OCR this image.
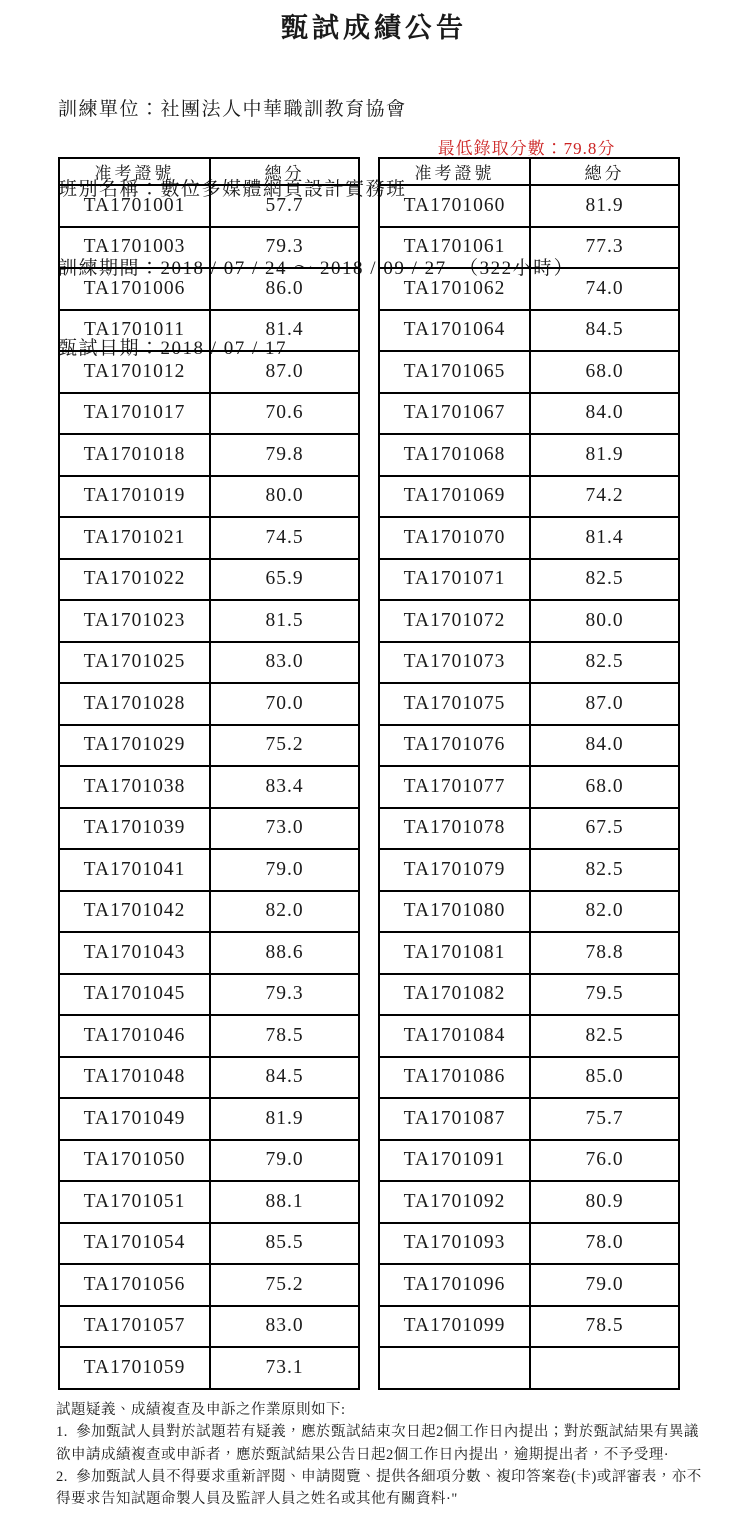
甄試成績公告

訓練單位：社團法人中華職訓教育協會

班別名稱：數位多媒體網頁設計實務班

訓練期間：2018 / 07 / 24 ～ 2018 / 09 / 27  （322小時）

甄試日期：2018 / 07 / 17

最低錄取分數：79.8分
准考證號	總分
TA1701001	57.7
TA1701003	79.3
TA1701006	86.0
TA1701011	81.4
TA1701012	87.0
TA1701017	70.6
TA1701018	79.8
TA1701019	80.0
TA1701021	74.5
TA1701022	65.9
TA1701023	81.5
TA1701025	83.0
TA1701028	70.0
TA1701029	75.2
TA1701038	83.4
TA1701039	73.0
TA1701041	79.0
TA1701042	82.0
TA1701043	88.6
TA1701045	79.3
TA1701046	78.5
TA1701048	84.5
TA1701049	81.9
TA1701050	79.0
TA1701051	88.1
TA1701054	85.5
TA1701056	75.2
TA1701057	83.0
TA1701059	73.1
准考證號	總分
TA1701060	81.9
TA1701061	77.3
TA1701062	74.0
TA1701064	84.5
TA1701065	68.0
TA1701067	84.0
TA1701068	81.9
TA1701069	74.2
TA1701070	81.4
TA1701071	82.5
TA1701072	80.0
TA1701073	82.5
TA1701075	87.0
TA1701076	84.0
TA1701077	68.0
TA1701078	67.5
TA1701079	82.5
TA1701080	82.0
TA1701081	78.8
TA1701082	79.5
TA1701084	82.5
TA1701086	85.0
TA1701087	75.7
TA1701091	76.0
TA1701092	80.9
TA1701093	78.0
TA1701096	79.0
TA1701099	78.5

試題疑義、成績複查及申訴之作業原則如下:
1.  參加甄試人員對於試題若有疑義，應於甄試結束次日起2個工作日內提出；對於甄試結果有異議
欲申請成績複查或申訴者，應於甄試結果公告日起2個工作日內提出，逾期提出者，不予受理·
2.  參加甄試人員不得要求重新評閱、申請閱覽、提供各細項分數、複印答案卷(卡)或評審表，亦不
得要求告知試題命製人員及監評人員之姓名或其他有關資料·"
